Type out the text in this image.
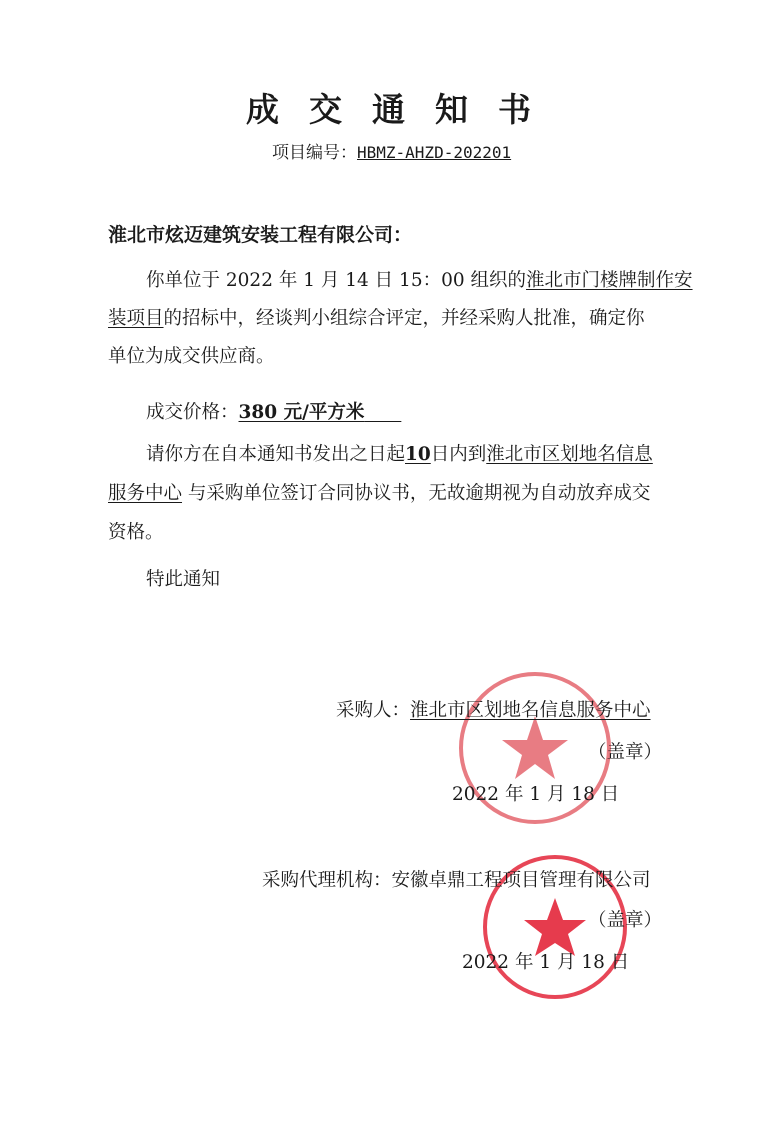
成交通知书
项目编号：HBMZ-AHZD-202201
淮北市炫迈建筑安装工程有限公司：
你单位于 2022 年 1 月 14 日 15：00 组织的淮北市门楼牌制作安
装项目的招标中，经谈判小组综合评定，并经采购人批准，确定你
单位为成交供应商。
成交价格：380 元/平方米  
请你方在自本通知书发出之日起10日内到淮北市区划地名信息
服务中心 与采购单位签订合同协议书，无故逾期视为自动放弃成交
资格。
特此通知
采购人：淮北市区划地名信息服务中心
（盖章）
2022 年 1 月 18 日
采购代理机构：安徽卓鼎工程项目管理有限公司
（盖章）
2022 年 1 月 18 日
